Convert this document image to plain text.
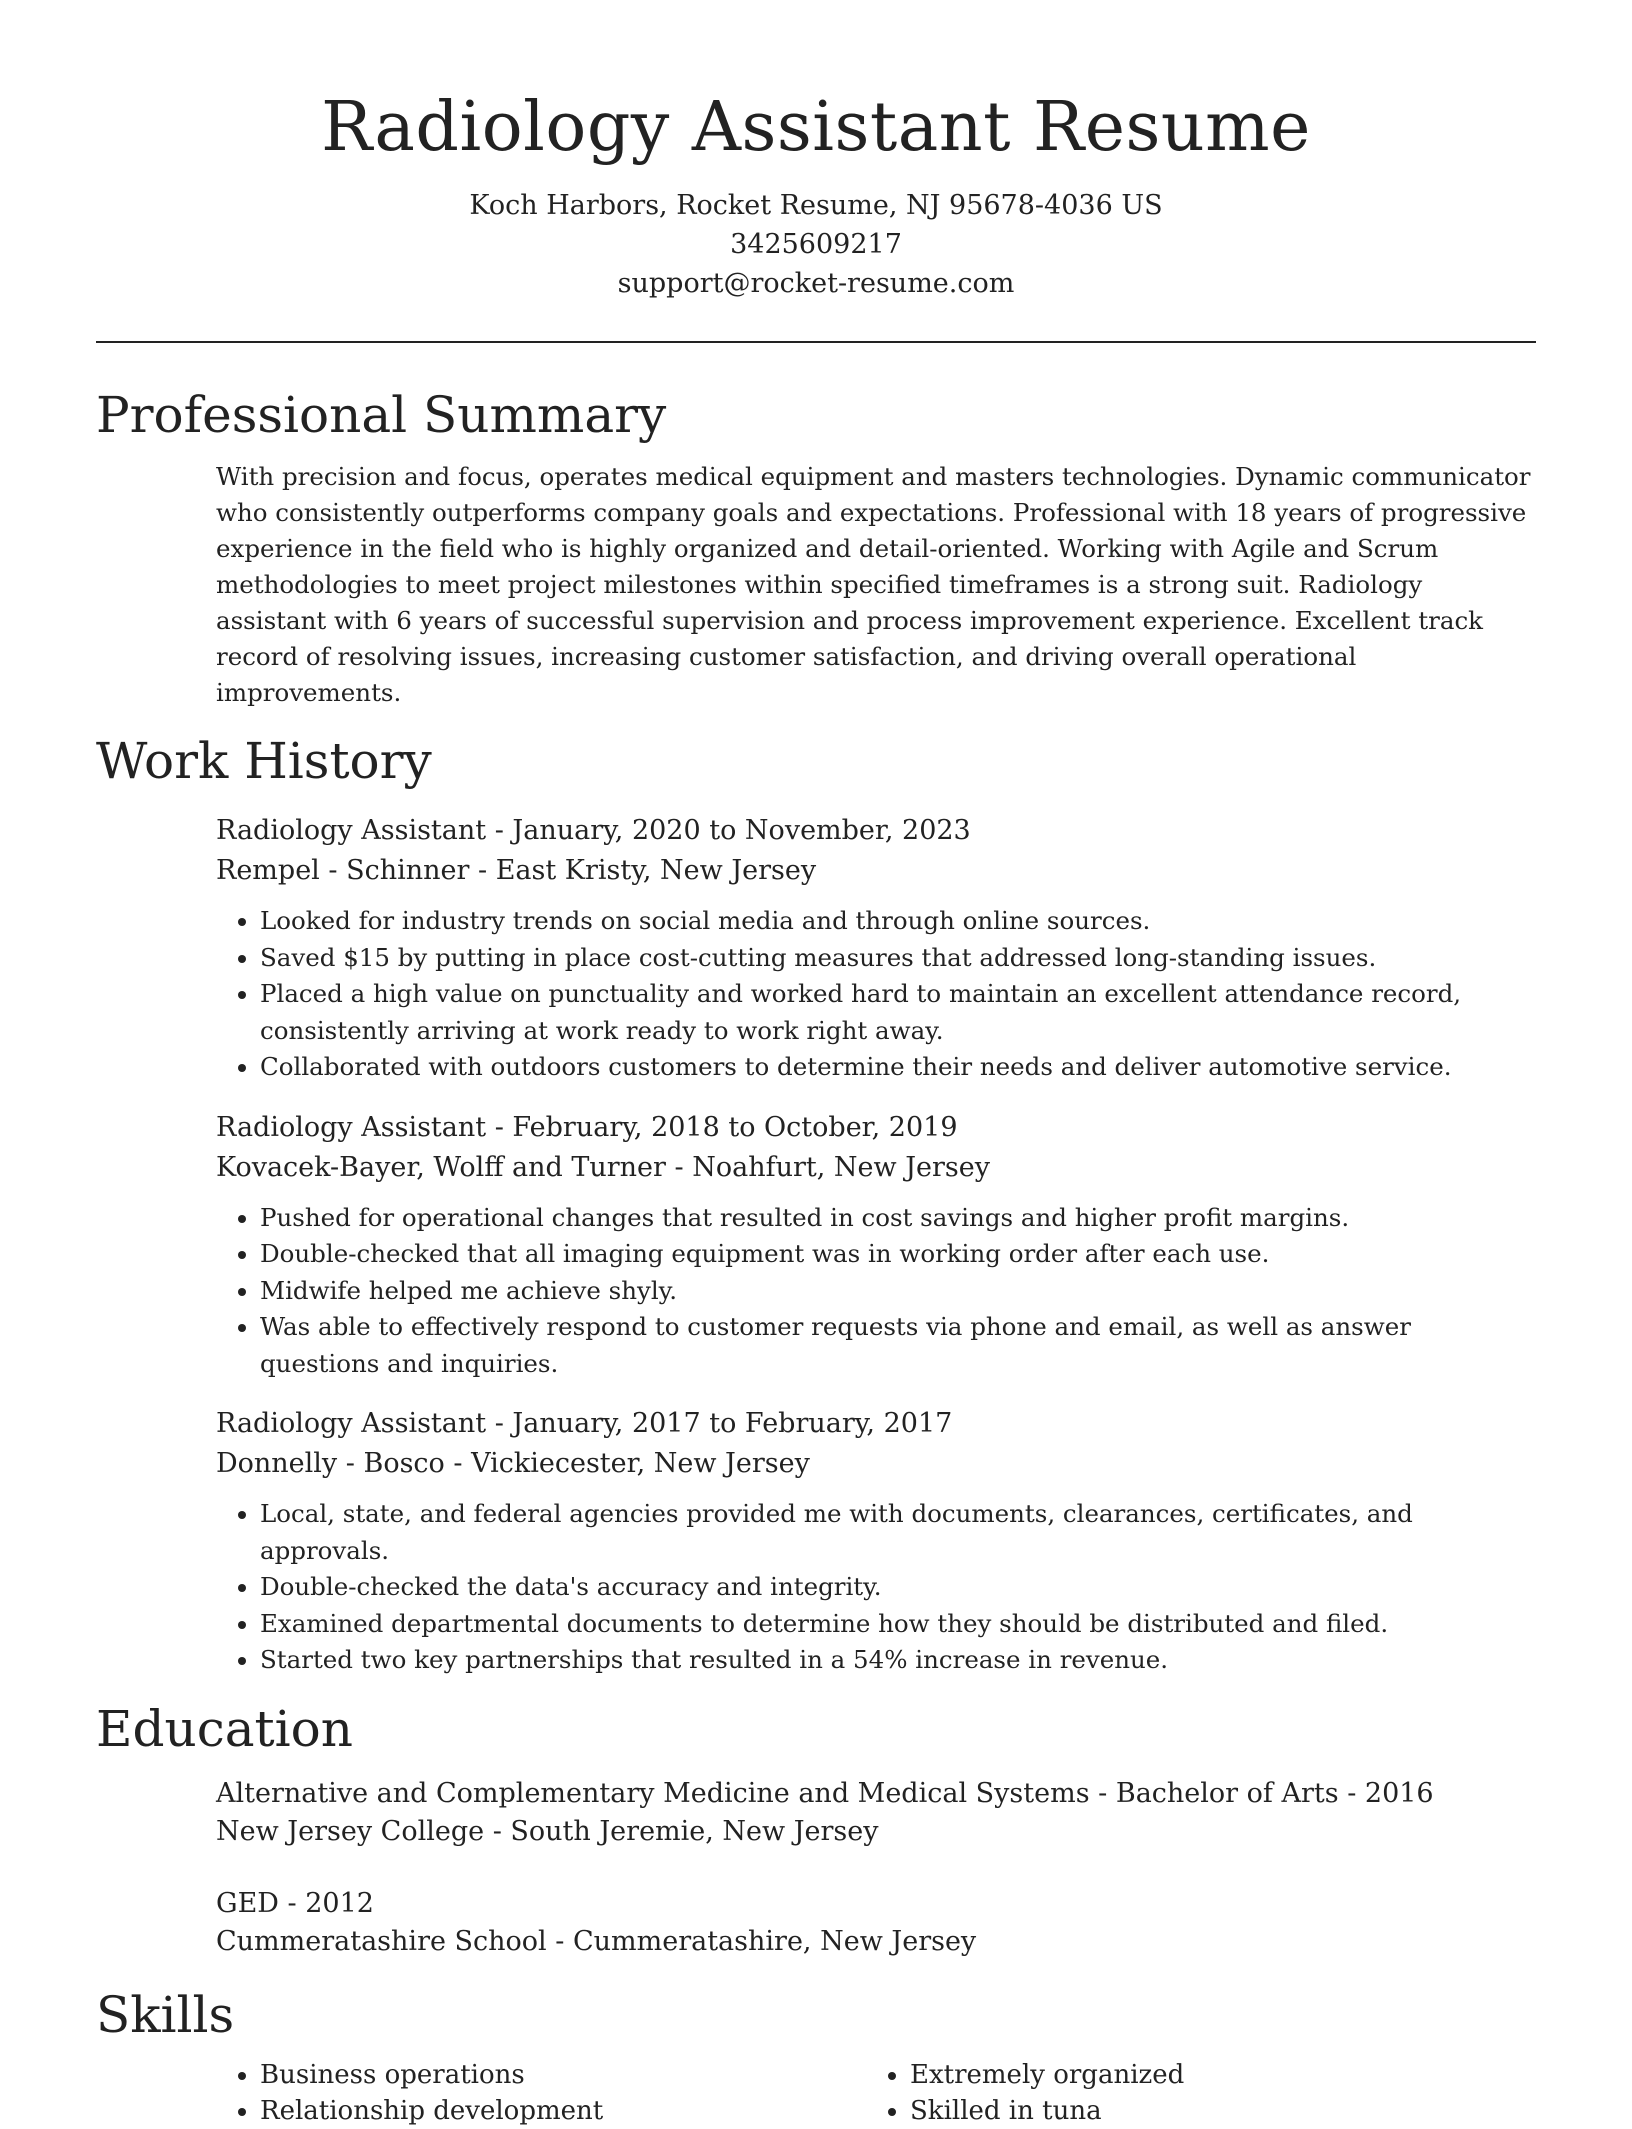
Radiology Assistant Resume
Koch Harbors, Rocket Resume, NJ 95678-4036 US
3425609217
support@rocket-resume.com
Professional Summary

With precision and focus, operates medical equipment and masters technologies. Dynamic communicator who consistently outperforms company goals and expectations. Professional with 18 years of progressive experience in the field who is highly organized and detail-oriented. Working with Agile and Scrum methodologies to meet project milestones within specified timeframes is a strong suit. Radiology assistant with 6 years of successful supervision and process improvement experience. Excellent track record of resolving issues, increasing customer satisfaction, and driving overall operational improvements.

Work History
Radiology Assistant - January, 2020 to November, 2023
Rempel - Schinner - East Kristy, New Jersey
• Looked for industry trends on social media and through online sources.
• Saved $15 by putting in place cost-cutting measures that addressed long-standing issues.
• Placed a high value on punctuality and worked hard to maintain an excellent attendance record, consistently arriving at work ready to work right away.
• Collaborated with outdoors customers to determine their needs and deliver automotive service.
Radiology Assistant - February, 2018 to October, 2019
Kovacek-Bayer, Wolff and Turner - Noahfurt, New Jersey
• Pushed for operational changes that resulted in cost savings and higher profit margins.
• Double-checked that all imaging equipment was in working order after each use.
• Midwife helped me achieve shyly.
• Was able to effectively respond to customer requests via phone and email, as well as answer questions and inquiries.
Radiology Assistant - January, 2017 to February, 2017
Donnelly - Bosco - Vickiecester, New Jersey
• Local, state, and federal agencies provided me with documents, clearances, certificates, and approvals.
• Double-checked the data's accuracy and integrity.
• Examined departmental documents to determine how they should be distributed and filed.
• Started two key partnerships that resulted in a 54% increase in revenue.
Education
Alternative and Complementary Medicine and Medical Systems - Bachelor of Arts - 2016
New Jersey College - South Jeremie, New Jersey
GED - 2012
Cummeratashire School - Cummeratashire, New Jersey
Skills
• Business operations
• Relationship development
• Extremely organized
• Skilled in tuna
